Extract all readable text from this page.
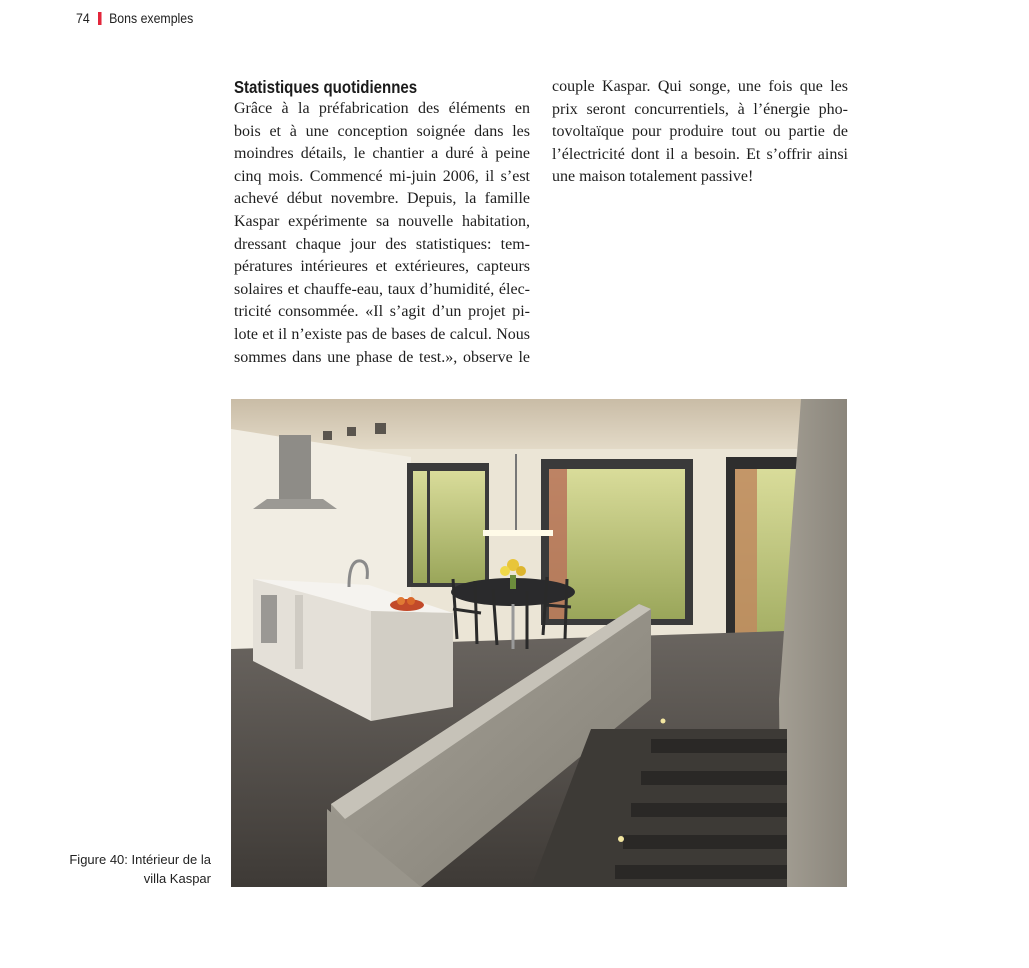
74 Bons exemples
Statistiques quotidiennes
Grâce à la préfabrication des éléments en
bois et à une conception soignée dans les
moindres détails, le chantier a duré à peine
cinq mois. Commencé mi-juin 2006, il s’est
achevé début novembre. Depuis, la famille
Kaspar expérimente sa nouvelle habitation,
dressant chaque jour des statistiques: tem-
pératures intérieures et extérieures, capteurs
solaires et chauffe-eau, taux d’humidité, élec-
tricité consommée. «Il s’agit d’un projet pi-
lote et il n’existe pas de bases de calcul. Nous
sommes dans une phase de test.», observe le
couple Kaspar. Qui songe, une fois que les
prix seront concurrentiels, à l’énergie pho-
tovoltaïque pour produire tout ou partie de
l’électricité dont il a besoin. Et s’offrir ainsi
une maison totalement passive!
Figure 40: Intérieur de la
villa Kaspar
